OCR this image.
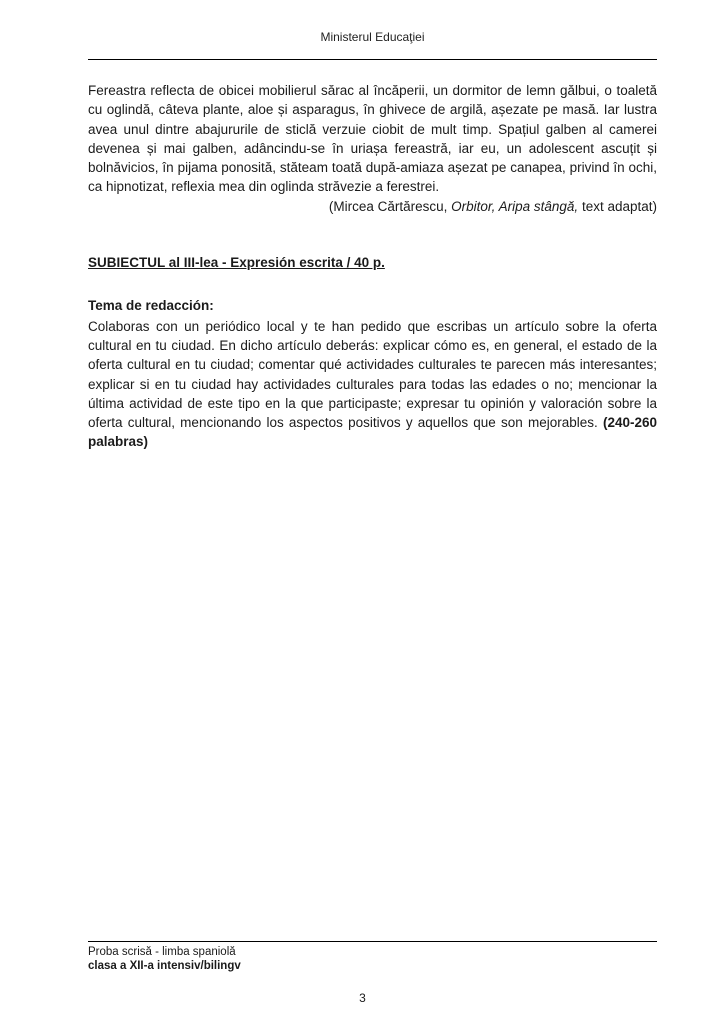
Ministerul Educaţiei

Fereastra reflecta de obicei mobilierul sărac al încăperii, un dormitor de lemn gălbui, o toaletă cu oglindă, câteva plante, aloe și asparagus, în ghivece de argilă, așezate pe masă. Iar lustra avea unul dintre abajururile de sticlă verzuie ciobit de mult timp. Spațiul galben al camerei devenea și mai galben, adâncindu-se în uriașa fereastră, iar eu, un adolescent ascuțit și bolnăvicios, în pijama ponosită, stăteam toată după-amiaza așezat pe canapea, privind în ochi, ca hipnotizat, reflexia mea din oglinda străvezie a ferestrei.

(Mircea Cărtărescu, Orbitor, Aripa stângă, text adaptat)

SUBIECTUL al III-lea - Expresión escrita / 40 p.

Tema de redacción:

Colaboras con un periódico local y te han pedido que escribas un artículo sobre la oferta cultural en tu ciudad. En dicho artículo deberás: explicar cómo es, en general, el estado de la oferta cultural en tu ciudad; comentar qué actividades culturales te parecen más interesantes; explicar si en tu ciudad hay actividades culturales para todas las edades o no; mencionar la última actividad de este tipo en la que participaste; expresar tu opinión y valoración sobre la oferta cultural, mencionando los aspectos positivos y aquellos que son mejorables. (240-260 palabras)

Proba scrisă - limba spaniolă
clasa a XII-a intensiv/bilingv
3
